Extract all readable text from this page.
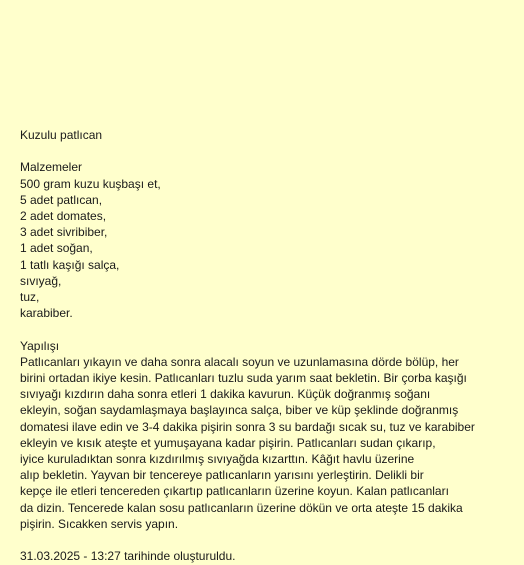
Kuzulu patlıcan
Malzemeler
500 gram kuzu kuşbaşı et,
5 adet patlıcan,
2 adet domates,
3 adet sivribiber,
1 adet soğan,
1 tatlı kaşığı salça,
sıvıyağ,
tuz,
karabiber.
Yapılışı
Patlıcanları yıkayın ve daha sonra alacalı soyun ve uzunlamasına dörde bölüp, her
birini ortadan ikiye kesin. Patlıcanları tuzlu suda yarım saat bekletin. Bir çorba kaşığı
sıvıyağı kızdırın daha sonra etleri 1 dakika kavurun. Küçük doğranmış soğanı
ekleyin, soğan saydamlaşmaya başlayınca salça, biber ve küp şeklinde doğranmış
domatesi ilave edin ve 3-4 dakika pişirin sonra 3 su bardağı sıcak su, tuz ve karabiber
ekleyin ve kısık ateşte et yumuşayana kadar pişirin. Patlıcanları sudan çıkarıp,
iyice kuruladıktan sonra kızdırılmış sıvıyağda kızarttın. Kâğıt havlu üzerine
alıp bekletin. Yayvan bir tencereye patlıcanların yarısını yerleştirin. Delikli bir
kepçe ile etleri tencereden çıkartıp patlıcanların üzerine koyun. Kalan patlıcanları
da dizin. Tencerede kalan sosu patlıcanların üzerine dökün ve orta ateşte 15 dakika
pişirin. Sıcakken servis yapın.
31.03.2025 - 13:27 tarihinde oluşturuldu.
